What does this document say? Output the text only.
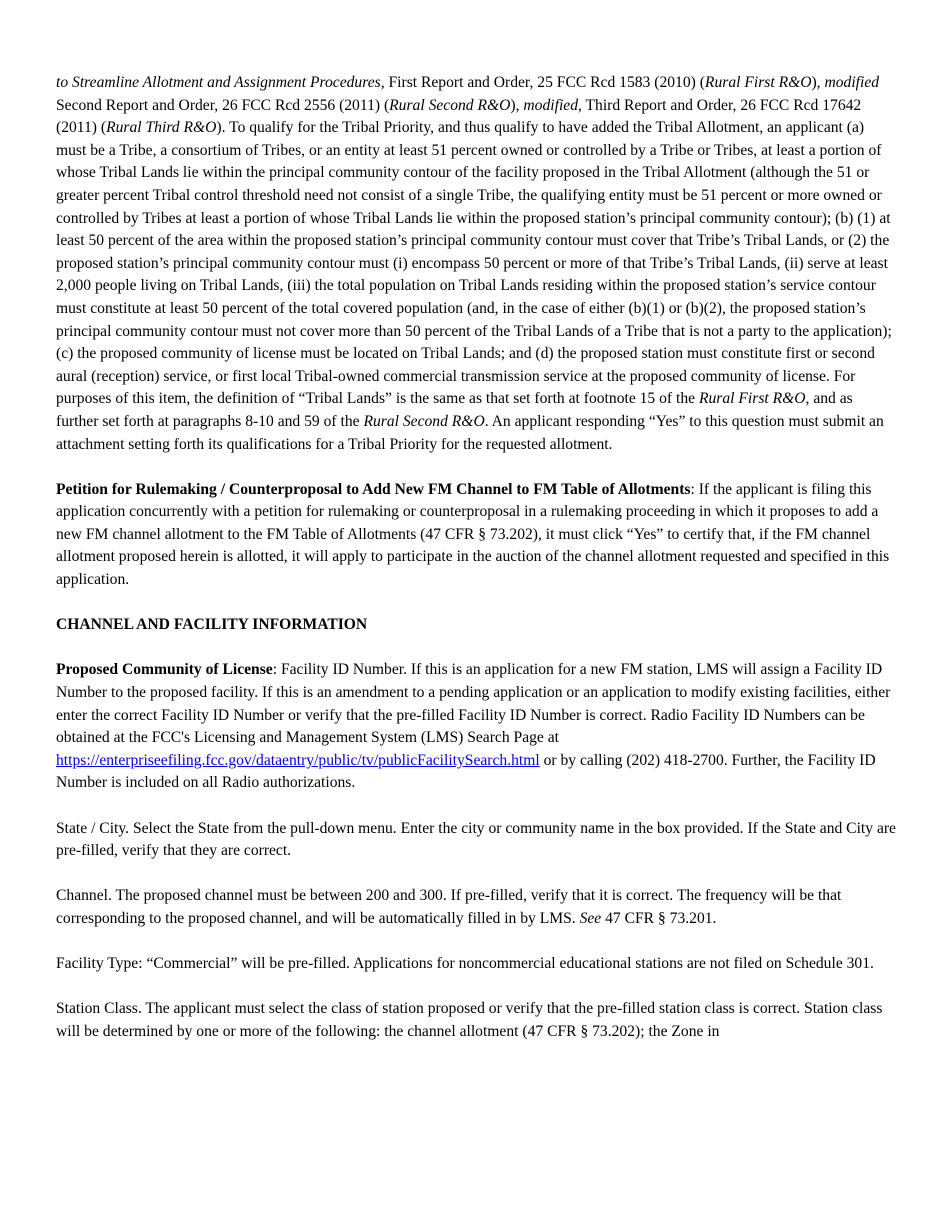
to Streamline Allotment and Assignment Procedures, First Report and Order, 25 FCC Rcd 1583 (2010) (Rural First R&O), modified Second Report and Order, 26 FCC Rcd 2556 (2011) (Rural Second R&O), modified, Third Report and Order, 26 FCC Rcd 17642 (2011) (Rural Third R&O). To qualify for the Tribal Priority, and thus qualify to have added the Tribal Allotment, an applicant (a) must be a Tribe, a consortium of Tribes, or an entity at least 51 percent owned or controlled by a Tribe or Tribes, at least a portion of whose Tribal Lands lie within the principal community contour of the facility proposed in the Tribal Allotment (although the 51 or greater percent Tribal control threshold need not consist of a single Tribe, the qualifying entity must be 51 percent or more owned or controlled by Tribes at least a portion of whose Tribal Lands lie within the proposed station’s principal community contour); (b) (1) at least 50 percent of the area within the proposed station’s principal community contour must cover that Tribe’s Tribal Lands, or (2) the proposed station’s principal community contour must (i) encompass 50 percent or more of that Tribe’s Tribal Lands, (ii) serve at least 2,000 people living on Tribal Lands, (iii) the total population on Tribal Lands residing within the proposed station’s service contour must constitute at least 50 percent of the total covered population (and, in the case of either (b)(1) or (b)(2), the proposed station’s principal community contour must not cover more than 50 percent of the Tribal Lands of a Tribe that is not a party to the application); (c) the proposed community of license must be located on Tribal Lands; and (d) the proposed station must constitute first or second aural (reception) service, or first local Tribal-owned commercial transmission service at the proposed community of license. For purposes of this item, the definition of “Tribal Lands” is the same as that set forth at footnote 15 of the Rural First R&O, and as further set forth at paragraphs 8-10 and 59 of the Rural Second R&O. An applicant responding “Yes” to this question must submit an attachment setting forth its qualifications for a Tribal Priority for the requested allotment.

Petition for Rulemaking / Counterproposal to Add New FM Channel to FM Table of Allotments: If the applicant is filing this application concurrently with a petition for rulemaking or counterproposal in a rulemaking proceeding in which it proposes to add a new FM channel allotment to the FM Table of Allotments (47 CFR § 73.202), it must click “Yes” to certify that, if the FM channel allotment proposed herein is allotted, it will apply to participate in the auction of the channel allotment requested and specified in this application.

CHANNEL AND FACILITY INFORMATION

Proposed Community of License: Facility ID Number. If this is an application for a new FM station, LMS will assign a Facility ID Number to the proposed facility. If this is an amendment to a pending application or an application to modify existing facilities, either enter the correct Facility ID Number or verify that the pre-filled Facility ID Number is correct. Radio Facility ID Numbers can be obtained at the FCC's Licensing and Management System (LMS) Search Page at https://enterpriseefiling.fcc.gov/dataentry/public/tv/publicFacilitySearch.html or by calling (202) 418-2700. Further, the Facility ID Number is included on all Radio authorizations.

State / City. Select the State from the pull-down menu. Enter the city or community name in the box provided. If the State and City are pre-filled, verify that they are correct.

Channel. The proposed channel must be between 200 and 300. If pre-filled, verify that it is correct. The frequency will be that corresponding to the proposed channel, and will be automatically filled in by LMS. See 47 CFR § 73.201.

Facility Type: “Commercial” will be pre-filled. Applications for noncommercial educational stations are not filed on Schedule 301.

Station Class. The applicant must select the class of station proposed or verify that the pre-filled station class is correct. Station class will be determined by one or more of the following: the channel allotment (47 CFR § 73.202); the Zone in
